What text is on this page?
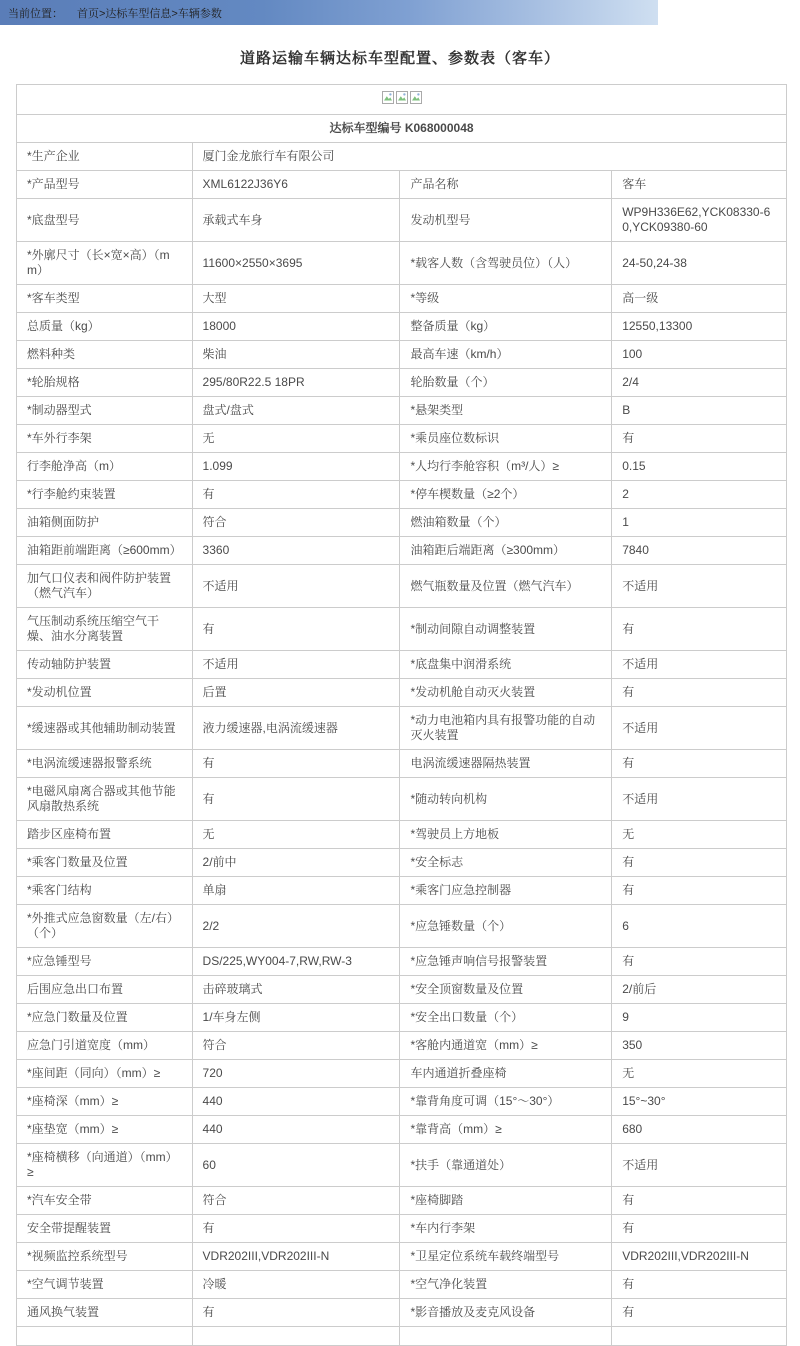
当前位置： 首页>达标车型信息>车辆参数
道路运输车辆达标车型配置、参数表（客车）

达标车型编号 K068000048			
*生产企业	厦门金龙旅行车有限公司		
*产品型号	XML6122J36Y6	产品名称	客车
*底盘型号	承载式车身	发动机型号	WP9H336E62,YCK08330-60,YCK09380-60
*外廓尺寸（长×宽×高）（mm）	11600×2550×3695	*载客人数（含驾驶员位）（人）	24-50,24-38
*客车类型	大型	*等级	高一级
总质量（kg）	18000	整备质量（kg）	12550,13300
燃料种类	柴油	最高车速（km/h）	100
*轮胎规格	295/80R22.5 18PR	轮胎数量（个）	2/4
*制动器型式	盘式/盘式	*悬架类型	B
*车外行李架	无	*乘员座位数标识	有
行李舱净高（m）	1.099	*人均行李舱容积（m³/人）≥	0.15
*行李舱约束装置	有	*停车楔数量（≥2个）	2
油箱侧面防护	符合	燃油箱数量（个）	1
油箱距前端距离（≥600mm）	3360	油箱距后端距离（≥300mm）	7840
加气口仪表和阀件防护装置（燃气汽车）	不适用	燃气瓶数量及位置（燃气汽车）	不适用
气压制动系统压缩空气干燥、油水分离装置	有	*制动间隙自动调整装置	有
传动轴防护装置	不适用	*底盘集中润滑系统	不适用
*发动机位置	后置	*发动机舱自动灭火装置	有
*缓速器或其他辅助制动装置	液力缓速器,电涡流缓速器	*动力电池箱内具有报警功能的自动灭火装置	不适用
*电涡流缓速器报警系统	有	电涡流缓速器隔热装置	有
*电磁风扇离合器或其他节能风扇散热系统	有	*随动转向机构	不适用
踏步区座椅布置	无	*驾驶员上方地板	无
*乘客门数量及位置	2/前中	*安全标志	有
*乘客门结构	单扇	*乘客门应急控制器	有
*外推式应急窗数量（左/右）（个）	2/2	*应急锤数量（个）	6
*应急锤型号	DS/225,WY004-7,RW,RW-3	*应急锤声响信号报警装置	有
后围应急出口布置	击碎玻璃式	*安全顶窗数量及位置	2/前后
*应急门数量及位置	1/车身左侧	*安全出口数量（个）	9
应急门引道宽度（mm）	符合	*客舱内通道宽（mm）≥	350
*座间距（同向）（mm）≥	720	车内通道折叠座椅	无
*座椅深（mm）≥	440	*靠背角度可调（15°～30°）	15°~30°
*座垫宽（mm）≥	440	*靠背高（mm）≥	680
*座椅横移（向通道）（mm）≥	60	*扶手（靠通道处）	不适用
*汽车安全带	符合	*座椅脚踏	有
安全带提醒装置	有	*车内行李架	有
*视频监控系统型号	VDR202III,VDR202III-N	*卫星定位系统车载终端型号	VDR202III,VDR202III-N
*空气调节装置	冷暖	*空气净化装置	有
通风换气装置	有	*影音播放及麦克风设备	有
